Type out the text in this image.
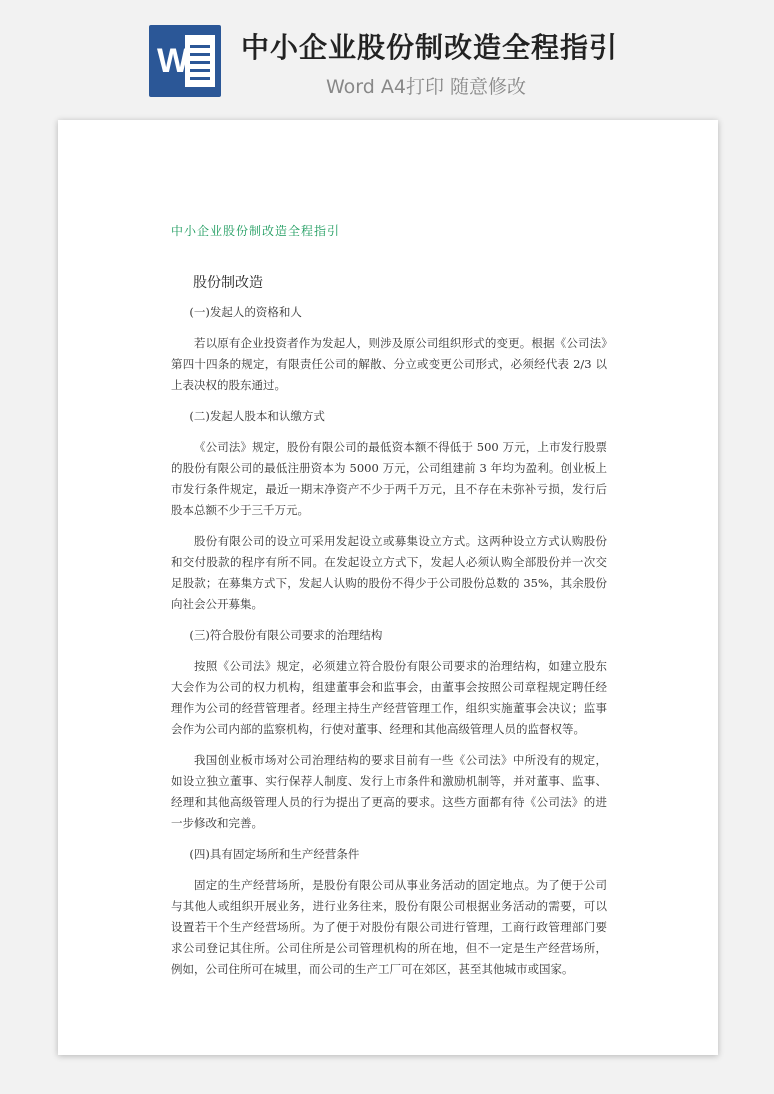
W 中小企业股份制改造全程指引
Word A4打印 随意修改
中小企业股份制改造全程指引
股份制改造

(一)发起人的资格和人

若以原有企业投资者作为发起人，则涉及原公司组织形式的变更。根据《公司法》第四十四条的规定，有限责任公司的解散、分立或变更公司形式，必须经代表 2/3 以上表决权的股东通过。

(二)发起人股本和认缴方式

《公司法》规定，股份有限公司的最低资本额不得低于 500 万元，上市发行股票的股份有限公司的最低注册资本为 5000 万元，公司组建前 3 年均为盈利。创业板上市发行条件规定，最近一期末净资产不少于两千万元，且不存在未弥补亏损，发行后股本总额不少于三千万元。

股份有限公司的设立可采用发起设立或募集设立方式。这两种设立方式认购股份和交付股款的程序有所不同。在发起设立方式下，发起人必须认购全部股份并一次交足股款；在募集方式下，发起人认购的股份不得少于公司股份总数的 35%，其余股份向社会公开募集。

(三)符合股份有限公司要求的治理结构

按照《公司法》规定，必须建立符合股份有限公司要求的治理结构，如建立股东大会作为公司的权力机构，组建董事会和监事会，由董事会按照公司章程规定聘任经理作为公司的经营管理者。经理主持生产经营管理工作，组织实施董事会决议；监事会作为公司内部的监察机构，行使对董事、经理和其他高级管理人员的监督权等。

我国创业板市场对公司治理结构的要求目前有一些《公司法》中所没有的规定，如设立独立董事、实行保荐人制度、发行上市条件和激励机制等，并对董事、监事、经理和其他高级管理人员的行为提出了更高的要求。这些方面都有待《公司法》的进一步修改和完善。

(四)具有固定场所和生产经营条件

固定的生产经营场所，是股份有限公司从事业务活动的固定地点。为了便于公司与其他人或组织开展业务，进行业务往来，股份有限公司根据业务活动的需要，可以设置若干个生产经营场所。为了便于对股份有限公司进行管理，工商行政管理部门要求公司登记其住所。公司住所是公司管理机构的所在地，但不一定是生产经营场所，例如，公司住所可在城里，而公司的生产工厂可在郊区，甚至其他城市或国家。
